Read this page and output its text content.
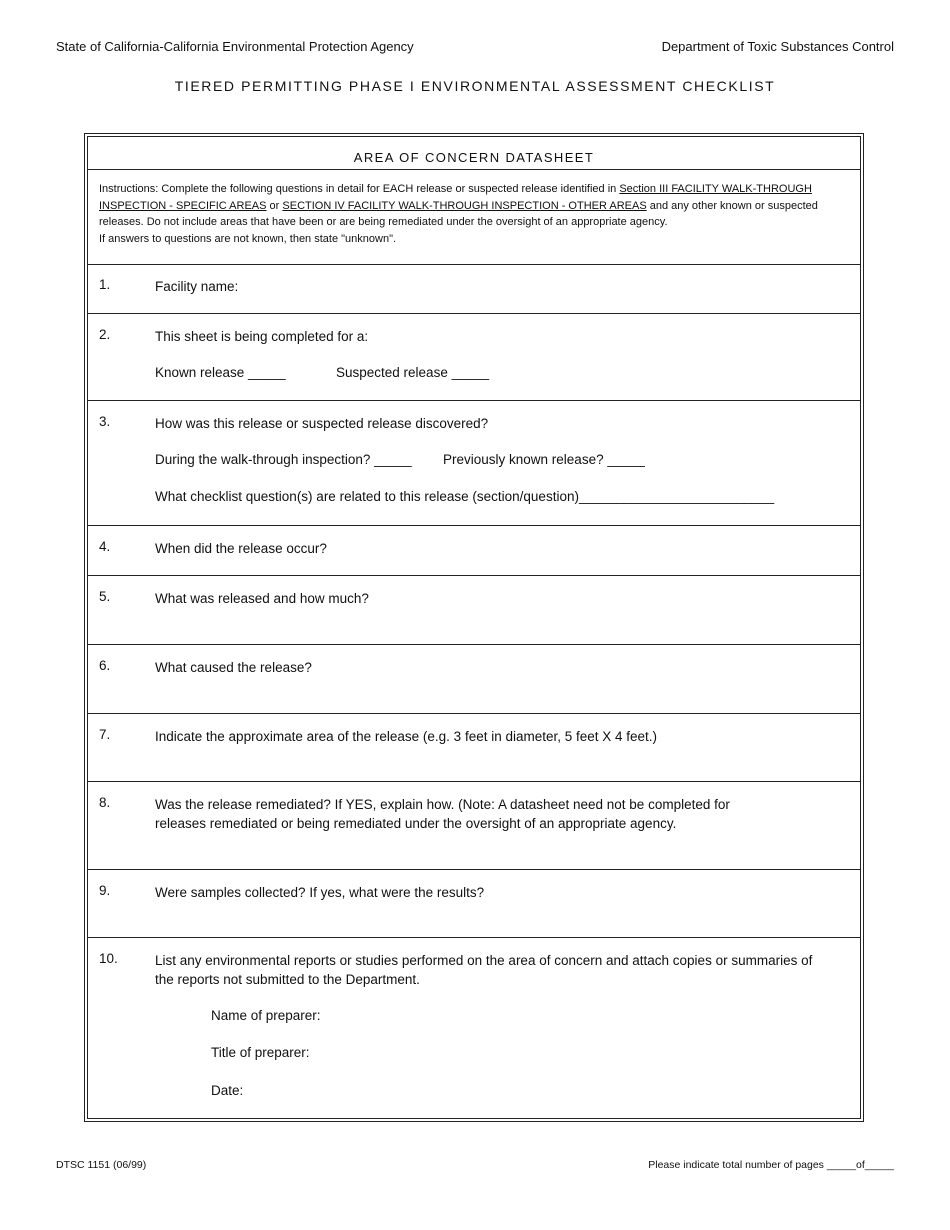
State of California-California Environmental Protection Agency	Department of Toxic Substances Control
TIERED PERMITTING PHASE I ENVIRONMENTAL ASSESSMENT CHECKLIST
AREA OF CONCERN DATASHEET
Instructions: Complete the following questions in detail for EACH release or suspected release identified in Section III FACILITY WALK-THROUGH INSPECTION - SPECIFIC AREAS or SECTION IV FACILITY WALK-THROUGH INSPECTION - OTHER AREAS and any other known or suspected releases. Do not include areas that have been or are being remediated under the oversight of an appropriate agency.
If answers to questions are not known, then state "unknown".
1.	Facility name:
2.	This sheet is being completed for a:
Known release _____	Suspected release _____
3.	How was this release or suspected release discovered?
During the walk-through inspection? _____ Previously known release? _____
What checklist question(s) are related to this release (section/question)__________________________
4.	When did the release occur?
5.	What was released and how much?
6.	What caused the release?
7.	Indicate the approximate area of the release (e.g. 3 feet in diameter, 5 feet X 4 feet.)
8.	Was the release remediated? If YES, explain how. (Note: A datasheet need not be completed for releases remediated or being remediated under the oversight of an appropriate agency.
9.	Were samples collected? If yes, what were the results?
10.	List any environmental reports or studies performed on the area of concern and attach copies or summaries of the reports not submitted to the Department.
Name of preparer:
Title of preparer:
Date:
DTSC 1151 (06/99)	Please indicate total number of pages _____of_____
